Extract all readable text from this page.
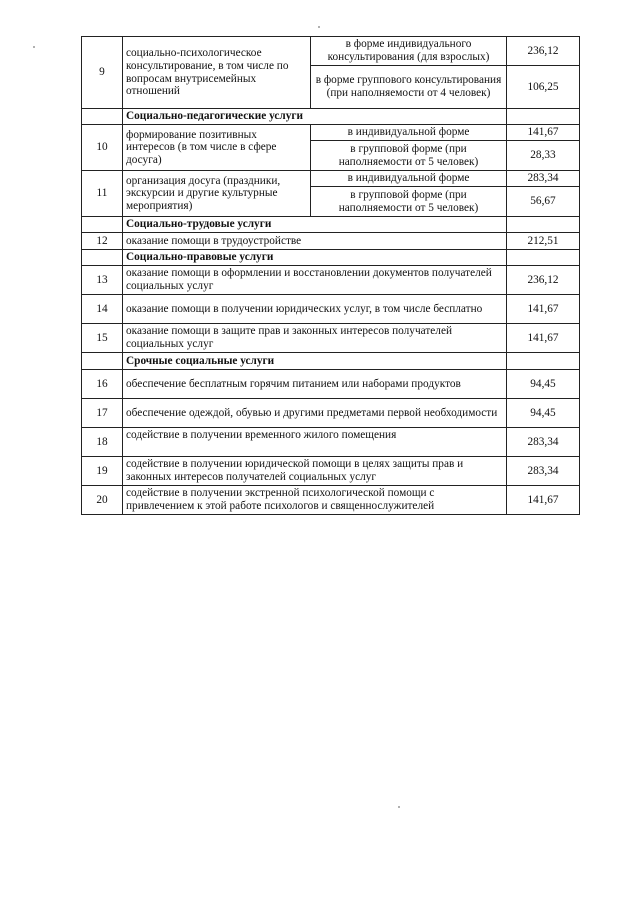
9	социально-психологическое консультирование, в том числе по вопросам внутрисемейных отношений	в форме индивидуального консультирования (для взрослых)	236,12
		в форме группового консультирования (при наполняемости от 4 человек)	106,25
	Социально-педагогические услуги		
10	формирование позитивных интересов (в том числе в сфере досуга)	в индивидуальной форме	141,67
		в групповой форме (при наполняемости от 5 человек)	28,33
11	организация досуга (праздники, экскурсии и другие культурные мероприятия)	в индивидуальной форме	283,34
		в групповой форме (при наполняемости от 5 человек)	56,67
	Социально-трудовые услуги		
12	оказание помощи в трудоустройстве		212,51
	Социально-правовые услуги		
13	оказание помощи в оформлении и восстановлении документов получателей социальных услуг		236,12
14	оказание помощи в получении юридических услуг, в том числе бесплатно		141,67
15	оказание помощи в защите прав и законных интересов получателей социальных услуг		141,67
	Срочные социальные услуги		
16	обеспечение бесплатным горячим питанием или наборами продуктов		94,45
17	обеспечение одеждой, обувью и другими предметами первой необходимости		94,45
18	содействие в получении временного жилого помещения		283,34
19	содействие в получении юридической помощи в целях защиты прав и законных интересов получателей социальных услуг		283,34
20	содействие в получении экстренной психологической помощи с привлечением к этой работе психологов и священнослужителей		141,67
